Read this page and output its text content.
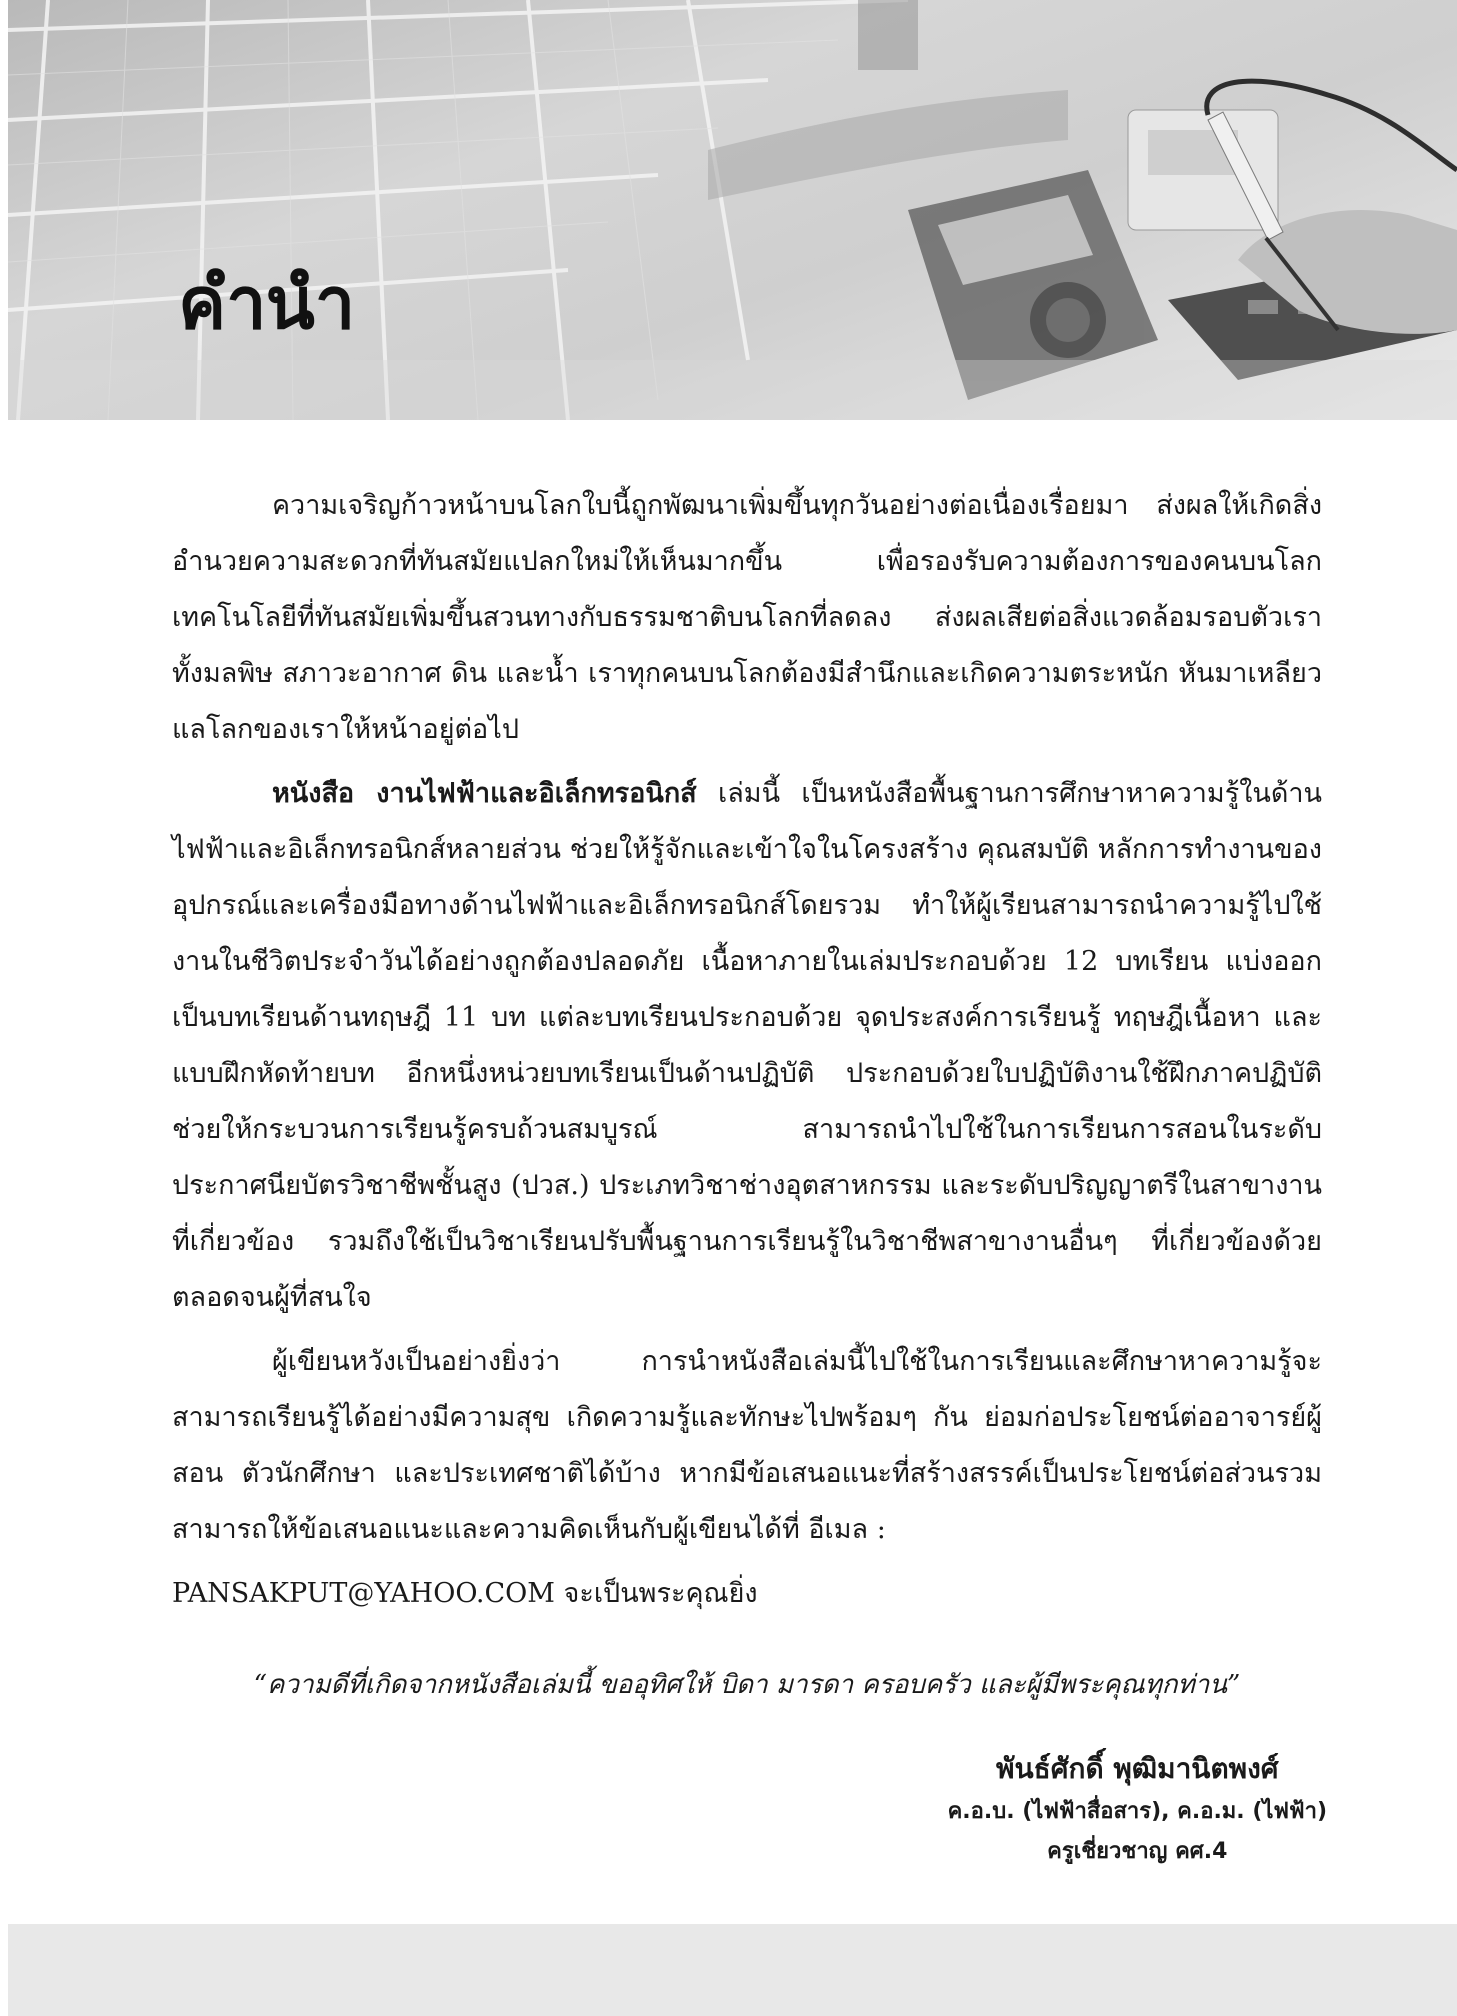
คำนำ

ความเจริญก้าวหน้าบนโลกใบนี้ถูกพัฒนาเพิ่มขึ้นทุกวันอย่างต่อเนื่องเรื่อยมา ส่งผลให้เกิดสิ่งอำนวยความสะดวกที่ทันสมัยแปลกใหม่ให้เห็นมากขึ้น เพื่อรองรับความต้องการของคนบนโลก เทคโนโลยีที่ทันสมัยเพิ่มขึ้นสวนทางกับธรรมชาติบนโลกที่ลดลง ส่งผลเสียต่อสิ่งแวดล้อมรอบตัวเรา ทั้งมลพิษ สภาวะอากาศ ดิน และน้ำ เราทุกคนบนโลกต้องมีสำนึกและเกิดความตระหนัก หันมาเหลียวแลโลกของเราให้หน้าอยู่ต่อไป

หนังสือ งานไฟฟ้าและอิเล็กทรอนิกส์ เล่มนี้ เป็นหนังสือพื้นฐานการศึกษาหาความรู้ในด้านไฟฟ้าและอิเล็กทรอนิกส์หลายส่วน ช่วยให้รู้จักและเข้าใจในโครงสร้าง คุณสมบัติ หลักการทำงานของอุปกรณ์และเครื่องมือทางด้านไฟฟ้าและอิเล็กทรอนิกส์โดยรวม ทำให้ผู้เรียนสามารถนำความรู้ไปใช้งานในชีวิตประจำวันได้อย่างถูกต้องปลอดภัย เนื้อหาภายในเล่มประกอบด้วย 12 บทเรียน แบ่งออกเป็นบทเรียนด้านทฤษฎี 11 บท แต่ละบทเรียนประกอบด้วย จุดประสงค์การเรียนรู้ ทฤษฎีเนื้อหา และแบบฝึกหัดท้ายบท อีกหนึ่งหน่วยบทเรียนเป็นด้านปฏิบัติ ประกอบด้วยใบปฏิบัติงานใช้ฝึกภาคปฏิบัติ ช่วยให้กระบวนการเรียนรู้ครบถ้วนสมบูรณ์ สามารถนำไปใช้ในการเรียนการสอนในระดับประกาศนียบัตรวิชาชีพชั้นสูง (ปวส.) ประเภทวิชาช่างอุตสาหกรรม และระดับปริญญาตรีในสาขางานที่เกี่ยวข้อง รวมถึงใช้เป็นวิชาเรียนปรับพื้นฐานการเรียนรู้ในวิชาชีพสาขางานอื่นๆ ที่เกี่ยวข้องด้วย ตลอดจนผู้ที่สนใจ

ผู้เขียนหวังเป็นอย่างยิ่งว่า การนำหนังสือเล่มนี้ไปใช้ในการเรียนและศึกษาหาความรู้จะสามารถเรียนรู้ได้อย่างมีความสุข เกิดความรู้และทักษะไปพร้อมๆ กัน ย่อมก่อประโยชน์ต่ออาจารย์ผู้สอน ตัวนักศึกษา และประเทศชาติได้บ้าง หากมีข้อเสนอแนะที่สร้างสรรค์เป็นประโยชน์ต่อส่วนรวม สามารถให้ข้อเสนอแนะและความคิดเห็นกับผู้เขียนได้ที่ อีเมล :

PANSAKPUT@YAHOO.COM จะเป็นพระคุณยิ่ง

“ความดีที่เกิดจากหนังสือเล่มนี้ ขออุทิศให้ บิดา มารดา ครอบครัว และผู้มีพระคุณทุกท่าน”
พันธ์ศักดิ์ พุฒิมานิตพงศ์
ค.อ.บ. (ไฟฟ้าสื่อสาร), ค.อ.ม. (ไฟฟ้า)
ครูเชี่ยวชาญ คศ.4
